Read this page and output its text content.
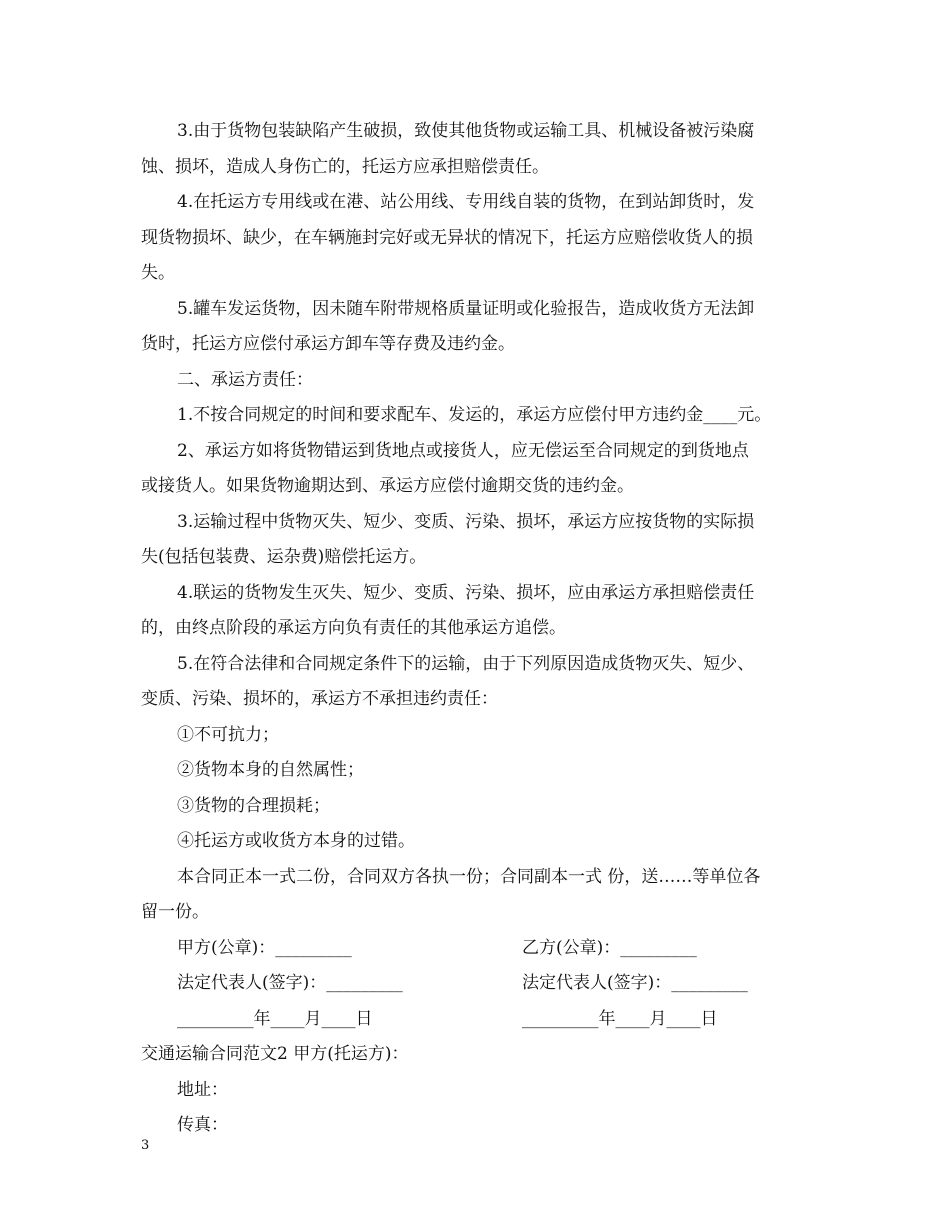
3.由于货物包装缺陷产生破损，致使其他货物或运输工具、机械设备被污染腐
蚀、损坏，造成人身伤亡的，托运方应承担赔偿责任。
4.在托运方专用线或在港、站公用线、专用线自装的货物，在到站卸货时，发
现货物损坏、缺少，在车辆施封完好或无异状的情况下，托运方应赔偿收货人的损
失。
5.罐车发运货物，因未随车附带规格质量证明或化验报告，造成收货方无法卸
货时，托运方应偿付承运方卸车等存费及违约金。
二、承运方责任：
1.不按合同规定的时间和要求配车、发运的，承运方应偿付甲方违约金____元。
2、承运方如将货物错运到货地点或接货人，应无偿运至合同规定的到货地点
或接货人。如果货物逾期达到、承运方应偿付逾期交货的违约金。
3.运输过程中货物灭失、短少、变质、污染、损坏，承运方应按货物的实际损
失(包括包装费、运杂费)赔偿托运方。
4.联运的货物发生灭失、短少、变质、污染、损坏，应由承运方承担赔偿责任
的，由终点阶段的承运方向负有责任的其他承运方追偿。
5.在符合法律和合同规定条件下的运输，由于下列原因造成货物灭失、短少、
变质、污染、损坏的，承运方不承担违约责任：
①不可抗力；
②货物本身的自然属性；
③货物的合理损耗；
④托运方或收货方本身的过错。
本合同正本一式二份，合同双方各执一份；合同副本一式 份，送……等单位各
留一份。
甲方(公章)：_________	乙方(公章)：_________
法定代表人(签字)：_________	法定代表人(签字)：_________
_________年____月____日	_________年____月____日
交通运输合同范文2 甲方(托运方)：
地址：
传真：
3
